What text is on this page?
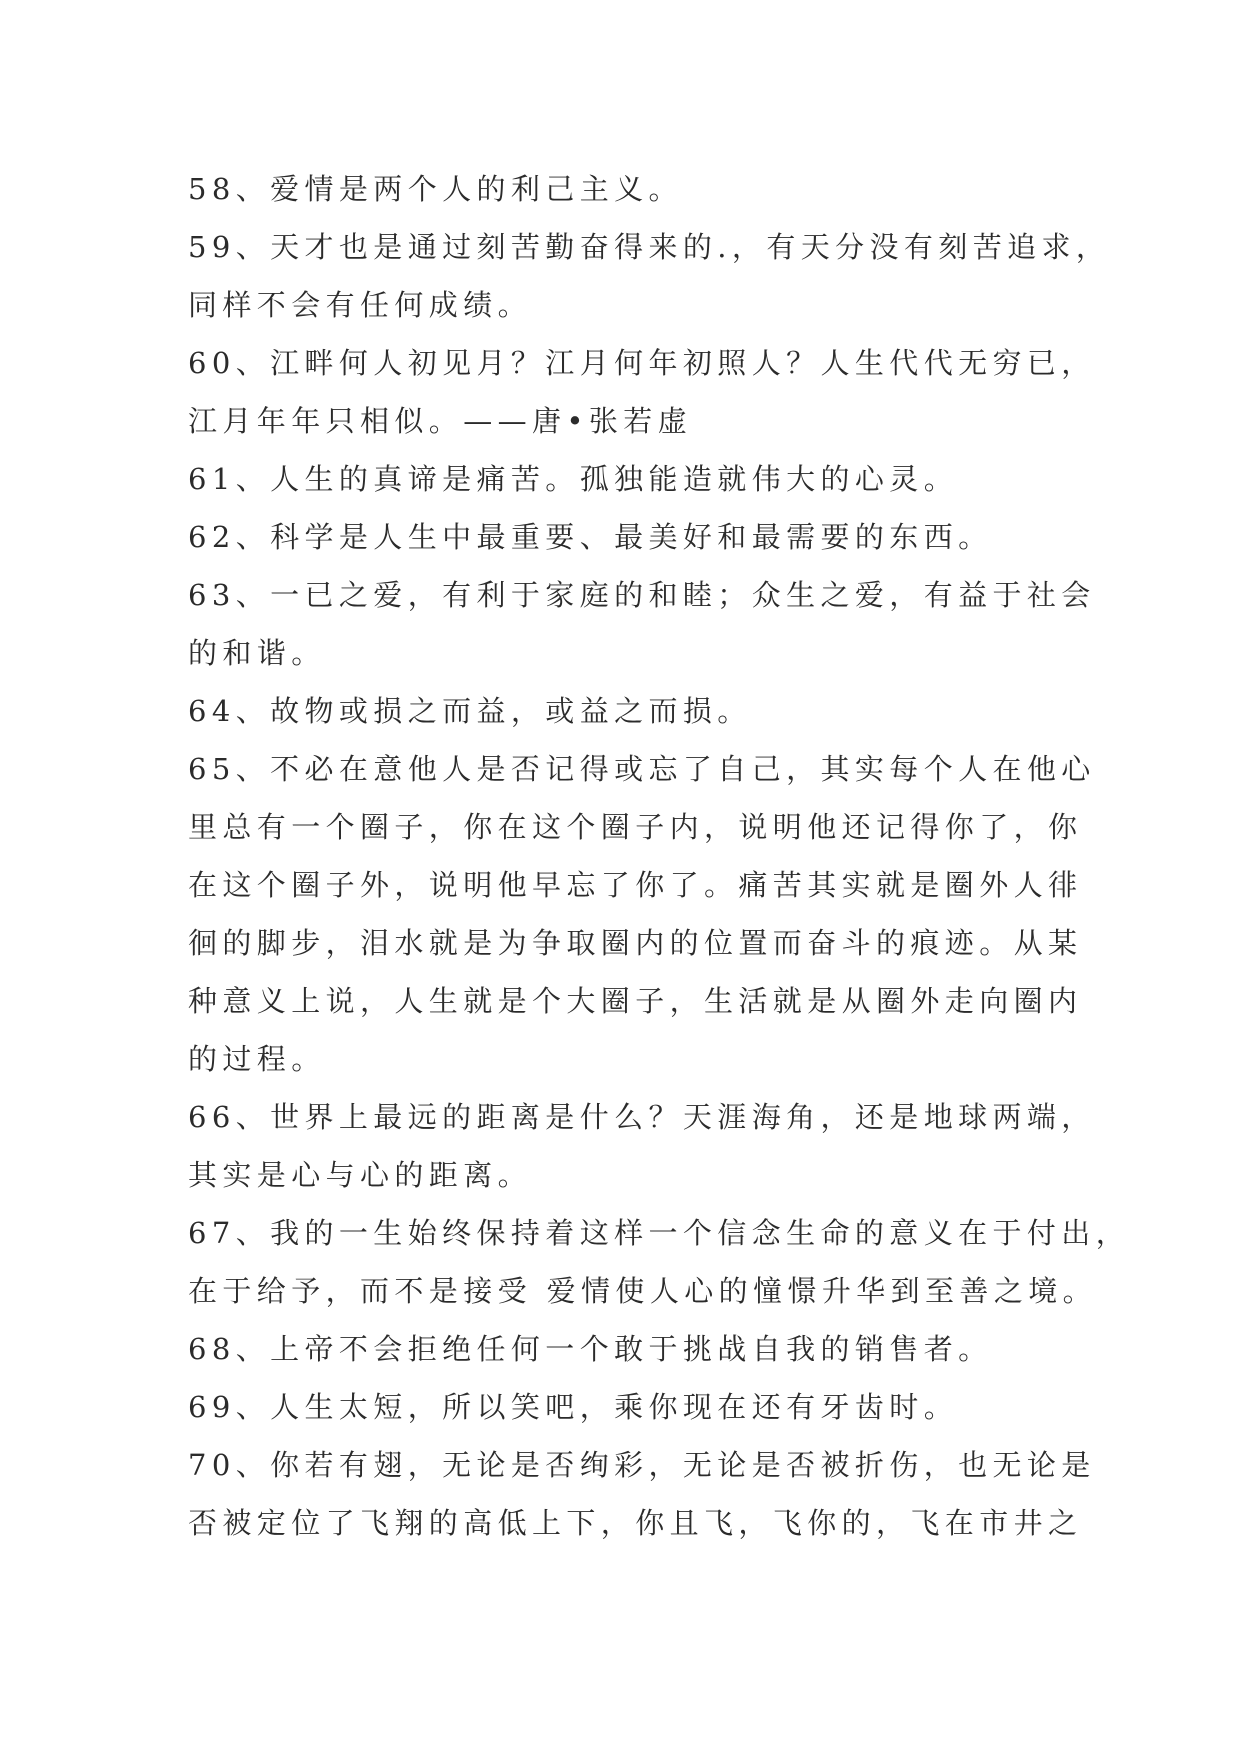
58、爱情是两个人的利己主义。
59、天才也是通过刻苦勤奋得来的.，有天分没有刻苦追求，
同样不会有任何成绩。
60、江畔何人初见月？江月何年初照人？人生代代无穷已，
江月年年只相似。——唐•张若虚
61、人生的真谛是痛苦。孤独能造就伟大的心灵。
62、科学是人生中最重要、最美好和最需要的东西。
63、一已之爱，有利于家庭的和睦；众生之爱，有益于社会
的和谐。
64、故物或损之而益，或益之而损。
65、不必在意他人是否记得或忘了自己，其实每个人在他心
里总有一个圈子，你在这个圈子内，说明他还记得你了，你
在这个圈子外，说明他早忘了你了。痛苦其实就是圈外人徘
徊的脚步，泪水就是为争取圈内的位置而奋斗的痕迹。从某
种意义上说，人生就是个大圈子，生活就是从圈外走向圈内
的过程。
66、世界上最远的距离是什么？天涯海角，还是地球两端，
其实是心与心的距离。
67、我的一生始终保持着这样一个信念生命的意义在于付出，
在于给予，而不是接受 爱情使人心的憧憬升华到至善之境。
68、上帝不会拒绝任何一个敢于挑战自我的销售者。
69、人生太短，所以笑吧，乘你现在还有牙齿时。
70、你若有翅，无论是否绚彩，无论是否被折伤，也无论是
否被定位了飞翔的高低上下，你且飞，飞你的，飞在市井之
